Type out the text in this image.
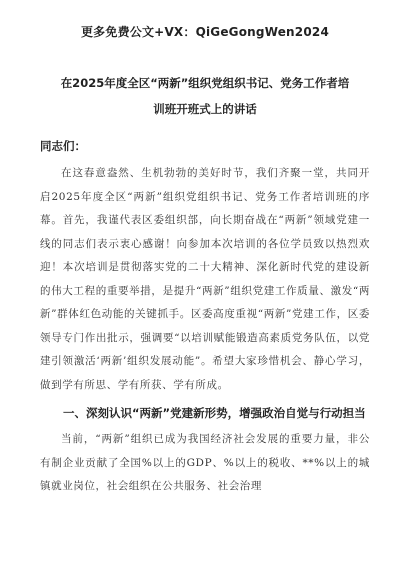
更多免费公文+VX：QiGeGongWen2024
在2025年度全区“两新”组织党组织书记、党务工作者培
训班开班式上的讲话
同志们：

在这春意盎然、生机勃勃的美好时节，我们齐聚一堂，共同开启2025年度全区“两新”组织党组织书记、党务工作者培训班的序幕。首先，我谨代表区委组织部，向长期奋战在“两新”领域党建一线的同志们表示衷心感谢！向参加本次培训的各位学员致以热烈欢迎！本次培训是贯彻落实党的二十大精神、深化新时代党的建设新的伟大工程的重要举措，是提升“两新”组织党建工作质量、激发“两新”群体红色动能的关键抓手。区委高度重视“两新”党建工作，区委领导专门作出批示，强调要“以培训赋能锻造高素质党务队伍，以党建引领激活‘两新’组织发展动能”。希望大家珍惜机会、静心学习，做到学有所思、学有所获、学有所成。

一、深刻认识“两新”党建新形势，增强政治自觉与行动担当

当前，“两新”组织已成为我国经济社会发展的重要力量，非公有制企业贡献了全国%以上的GDP、%以上的税收、**%以上的城镇就业岗位，社会组织在公共服务、社会治理
